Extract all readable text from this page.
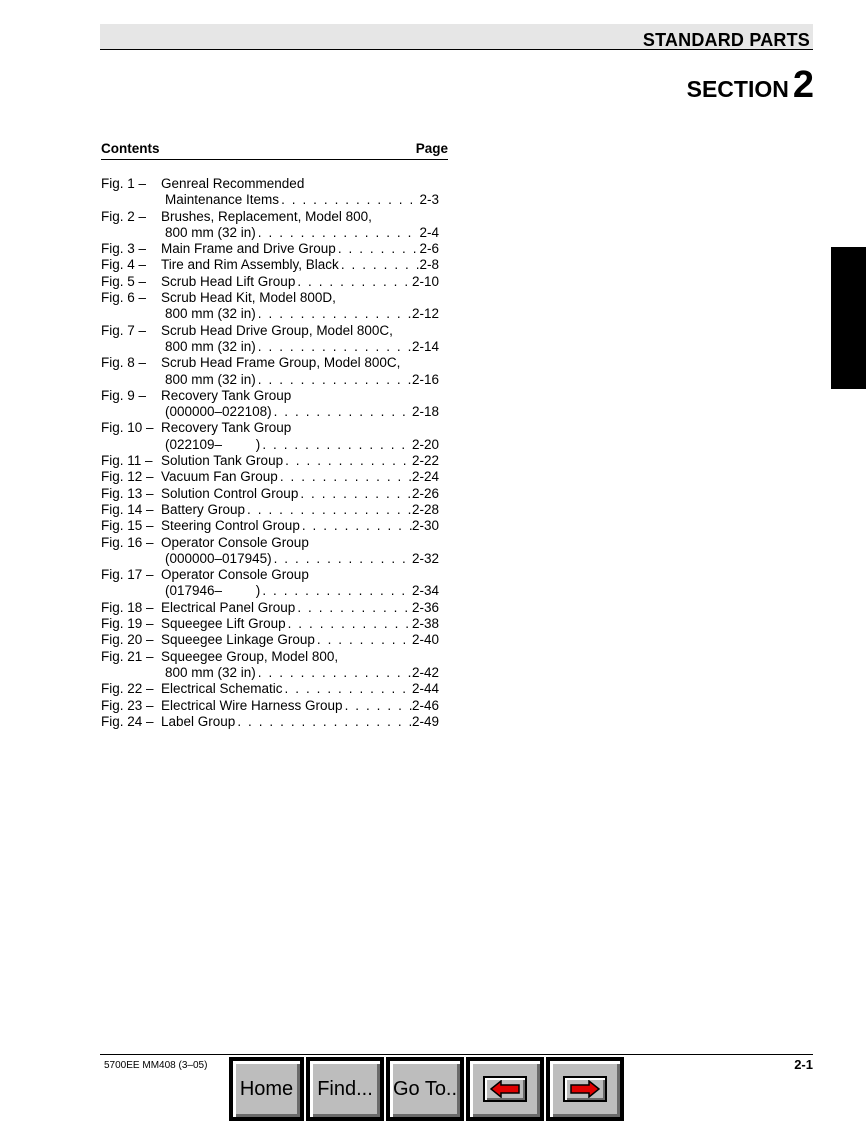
STANDARD PARTS
SECTION 2
Contents	Page
Fig. 1 –	Genreal Recommended
Maintenance Items . . .	2-3
Fig. 2 –	Brushes, Replacement, Model 800,
800 mm (32 in) . . .	2-4
Fig. 3 –	Main Frame and Drive Group . . .	2-6
Fig. 4 –	Tire and Rim Assembly, Black . . .	2-8
Fig. 5 –	Scrub Head Lift Group . . .	2-10
Fig. 6 –	Scrub Head Kit, Model 800D,
800 mm (32 in) . . .	2-12
Fig. 7 –	Scrub Head Drive Group, Model 800C,
800 mm (32 in) . . .	2-14
Fig. 8 –	Scrub Head Frame Group, Model 800C,
800 mm (32 in) . . .	2-16
Fig. 9 –	Recovery Tank Group
(000000–022108) . . .	2-18
Fig. 10 – Recovery Tank Group
(022109–         ) . . .	2-20
Fig. 11 – Solution Tank Group . . .	2-22
Fig. 12 – Vacuum Fan Group . . .	2-24
Fig. 13 – Solution Control Group . . .	2-26
Fig. 14 – Battery Group . . .	2-28
Fig. 15 – Steering Control Group . . .	2-30
Fig. 16 – Operator Console Group
(000000–017945) . . .	2-32
Fig. 17 – Operator Console Group
(017946–         ) . . .	2-34
Fig. 18 – Electrical Panel Group . . .	2-36
Fig. 19 – Squeegee Lift Group . . .	2-38
Fig. 20 – Squeegee Linkage Group . . .	2-40
Fig. 21 – Squeegee Group, Model 800,
800 mm (32 in) . . .	2-42
Fig. 22 – Electrical Schematic . . .	2-44
Fig. 23 – Electrical Wire Harness Group . . .	2-46
Fig. 24 – Label Group . . .	2-49
5700EE MM408 (3–05)	2-1
Home	Find...	Go To..
